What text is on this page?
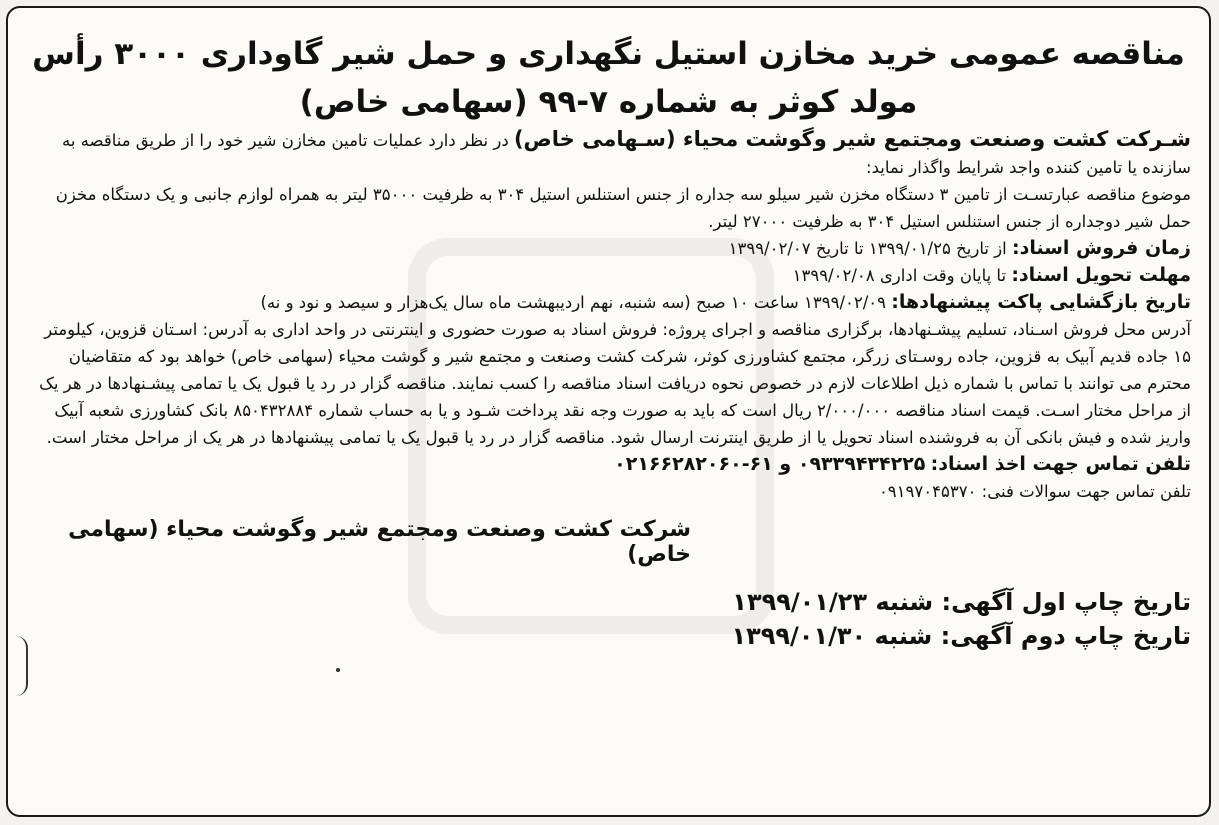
مناقصه عمومی خرید مخازن استیل نگهداری و حمل شیر گاوداری ۳۰۰۰ رأس مولد کوثر به شماره ۷-۹۹ (سهامی خاص)
شـرکت کشت وصنعت ومجتمع شیر وگوشت محیاء (سـهامی خاص) در نظر دارد عملیات تامین مخازن شیر خود را از طریق مناقصه به سازنده یا تامین کننده واجد شرایط واگذار نماید:
موضوع مناقصه عبارتسـت از تامین ۳ دستگاه مخزن شیر سیلو سه جداره از جنس استنلس استیل ۳۰۴ به ظرفیت ۳۵۰۰۰ لیتر به همراه لوازم جانبی و یک دستگاه مخزن حمل شیر دوجداره از جنس استنلس استیل ۳۰۴ به ظرفیت ۲۷۰۰۰ لیتر.
زمان فروش اسناد: از تاریخ ۱۳۹۹/۰۱/۲۵ تا تاریخ ۱۳۹۹/۰۲/۰۷
مهلت تحویل اسناد: تا پایان وقت اداری ۱۳۹۹/۰۲/۰۸
تاریخ بازگشایی پاکت پیشنهادها: ۱۳۹۹/۰۲/۰۹ ساعت ۱۰ صبح (سه شنبه، نهم اردیبهشت ماه سال یک‌هزار و سیصد و نود و نه)
آدرس محل فروش اسـناد، تسلیم پیشـنهادها، برگزاری مناقصه و اجرای پروژه: فروش اسناد به صورت حضوری و اینترنتی در واحد اداری به آدرس: اسـتان قزوین، کیلومتر ۱۵ جاده قدیم آبیک به قزوین، جاده روسـتای زرگر، مجتمع کشاورزی کوثر، شرکت کشت وصنعت و مجتمع شیر و گوشت محیاء (سهامی خاص) خواهد بود که متقاضیان محترم می توانند با تماس با شماره ذیل اطلاعات لازم در خصوص نحوه دریافت اسناد مناقصه را کسب نمایند. مناقصه گزار در رد یا قبول یک یا تمامی پیشـنهادها در هر یک از مراحل مختار اسـت. قیمت اسناد مناقصه ۲/۰۰۰/۰۰۰ ریال است که باید به صورت وجه نقد پرداخت شـود و یا به حساب شماره ۸۵۰۴۳۲۸۸۴ بانک کشاورزی شعبه آبیک واریز شده و فیش بانکی آن به فروشنده اسناد تحویل یا از طریق اینترنت ارسال شود. مناقصه گزار در رد یا قبول یک یا تمامی پیشنهادها در هر یک از مراحل مختار است.
تلفن تماس جهت اخذ اسناد: ۰۹۳۳۹۴۳۴۲۲۵ و ۶۱-۰۲۱۶۶۲۸۲۰۶۰
تلفن تماس جهت سوالات فنی: ۰۹۱۹۷۰۴۵۳۷۰
شرکت کشت وصنعت ومجتمع شیر وگوشت محیاء (سهامی خاص)
تاریخ چاپ اول آگهی: شنبه ۱۳۹۹/۰۱/۲۳
تاریخ چاپ دوم آگهی: شنبه ۱۳۹۹/۰۱/۳۰
